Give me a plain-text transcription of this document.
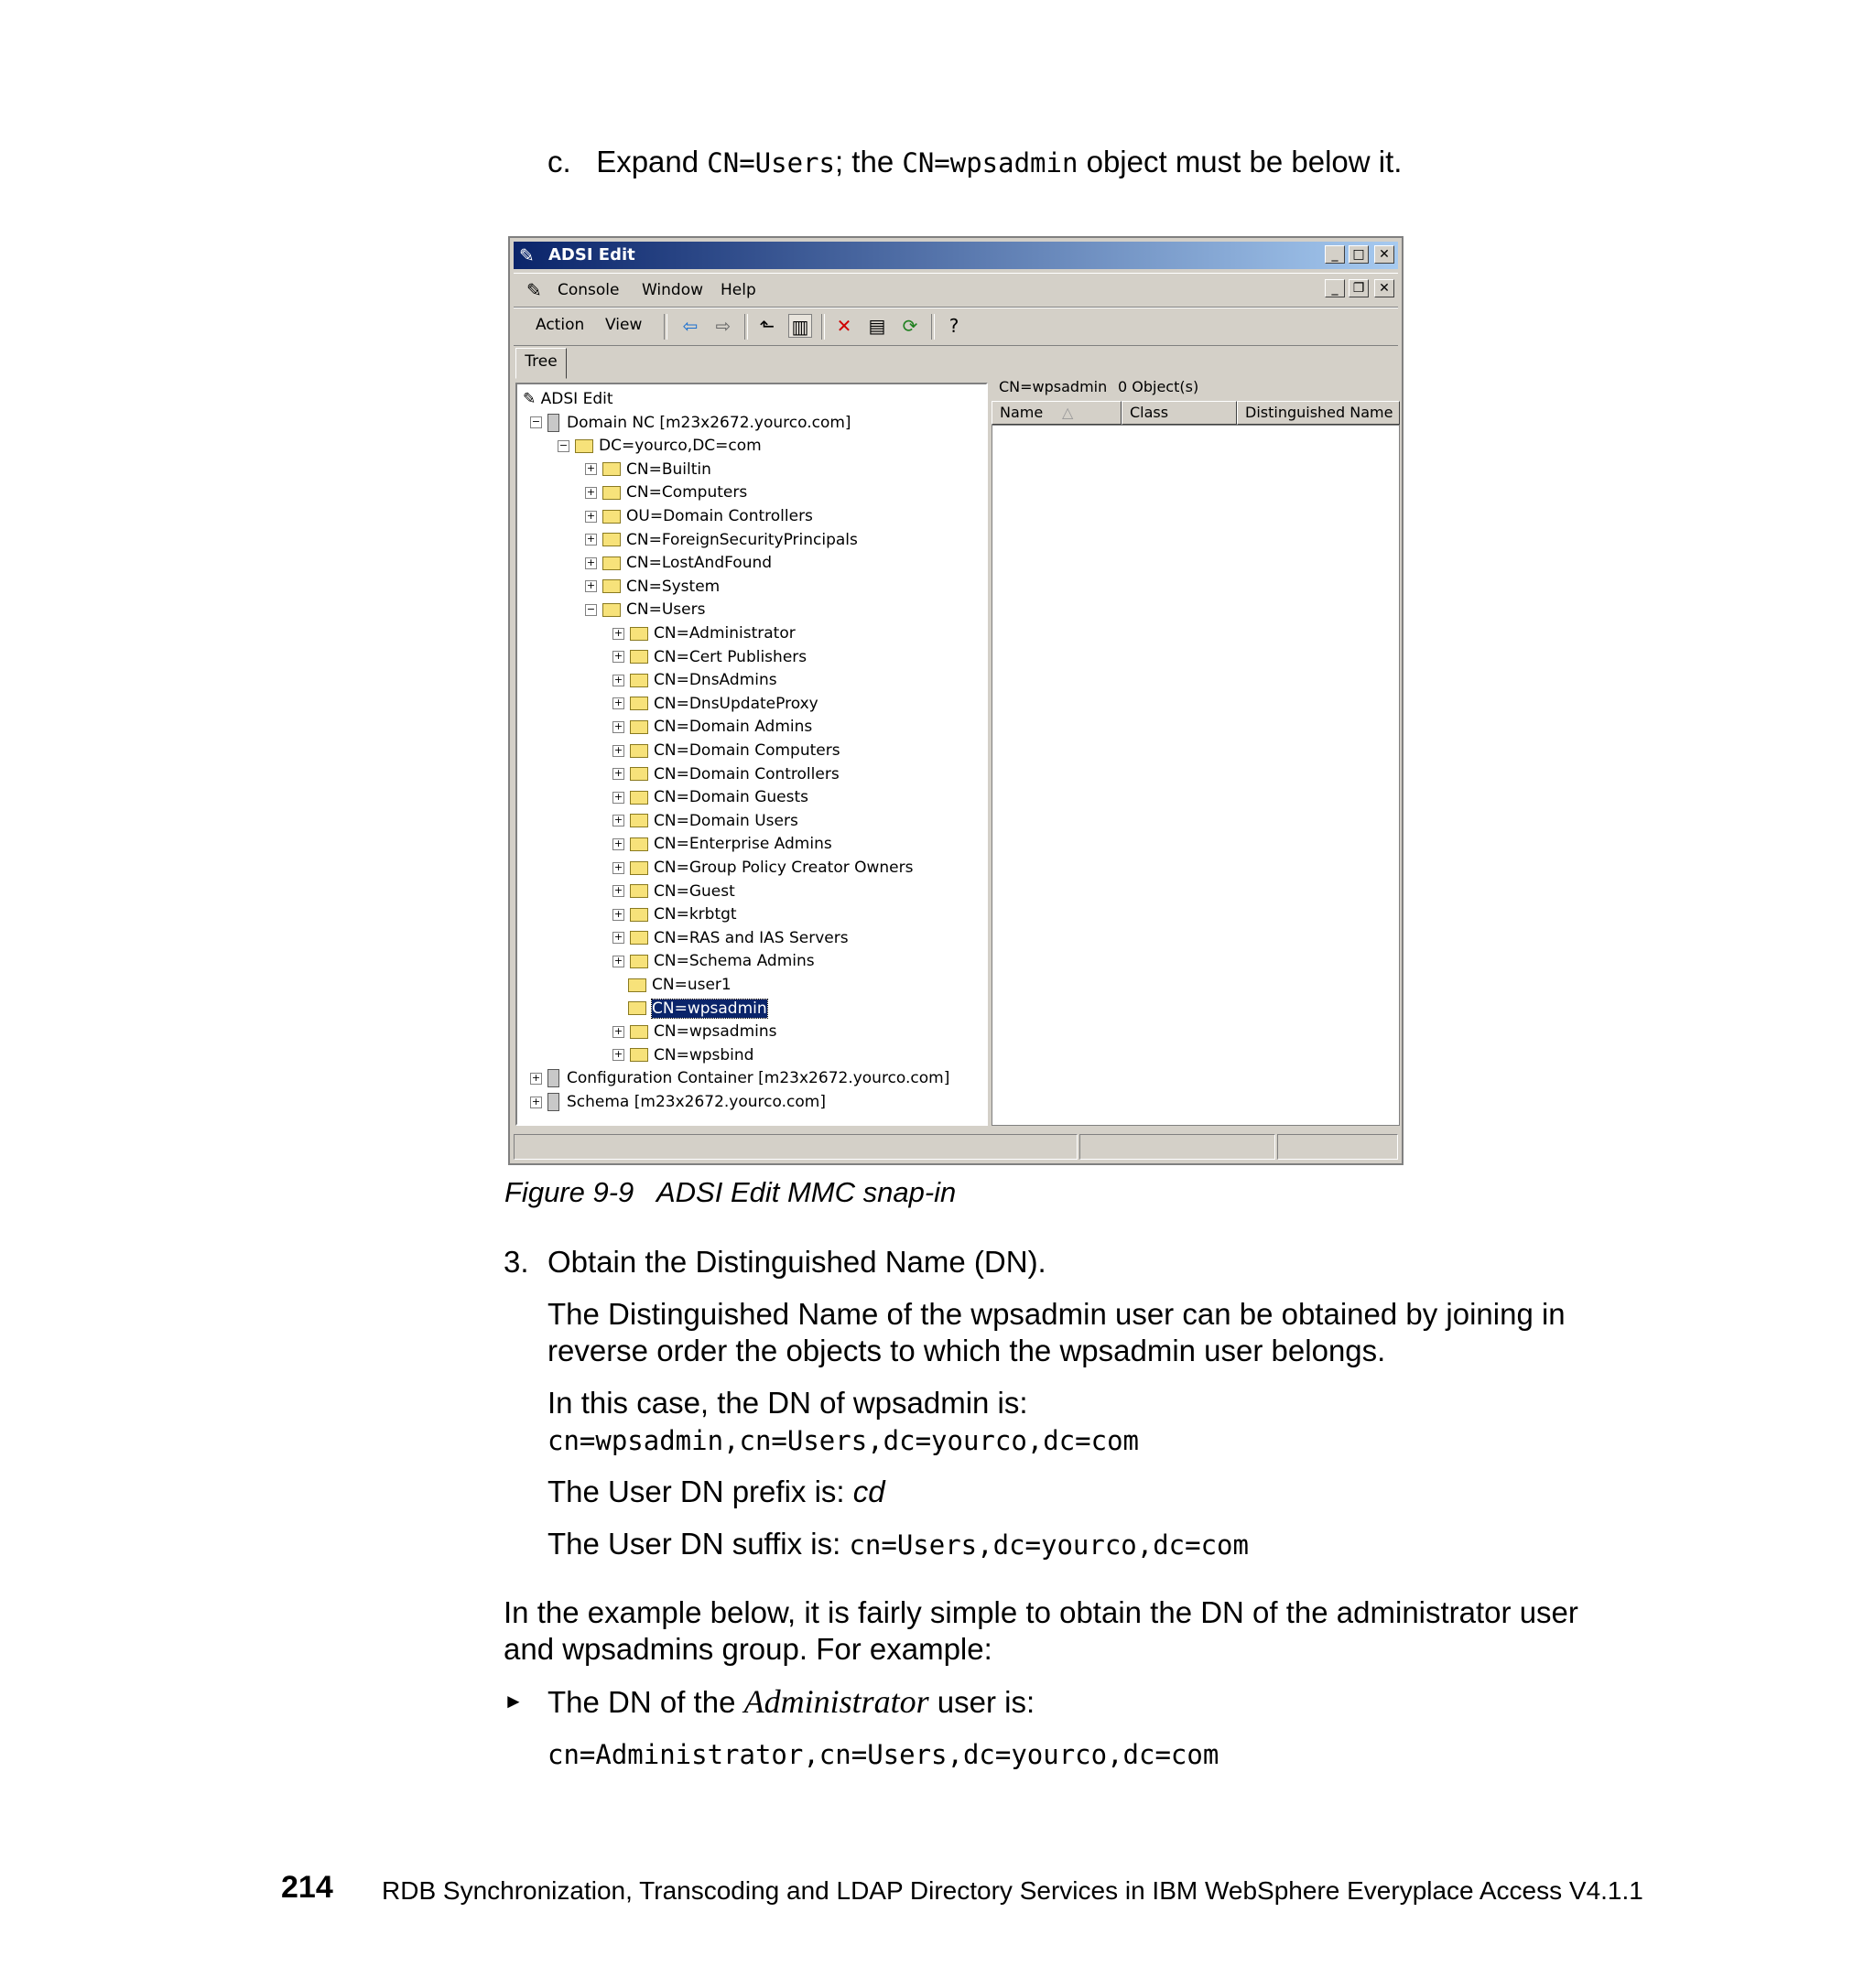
c. Expand CN=Users; the CN=wpsadmin object must be below it.
✎ ADSI Edit	_	□	✕
✎ Console Window Help	_	❐	✕
Action View ⇦ ⇨ ⬑ ▥ ✕ ▤ ⟳	?
Tree
✎ ADSI Edit
− Domain NC [m23x2672.yourco.com]
− DC=yourco,DC=com
+ CN=Builtin
+ CN=Computers
+ OU=Domain Controllers
+ CN=ForeignSecurityPrincipals
+ CN=LostAndFound
+ CN=System
− CN=Users
+ CN=Administrator
+ CN=Cert Publishers
+ CN=DnsAdmins
+ CN=DnsUpdateProxy
+ CN=Domain Admins
+ CN=Domain Computers
+ CN=Domain Controllers
+ CN=Domain Guests
+ CN=Domain Users
+ CN=Enterprise Admins
+ CN=Group Policy Creator Owners
+ CN=Guest
+ CN=krbtgt
+ CN=RAS and IAS Servers
+ CN=Schema Admins
CN=user1
CN=wpsadmin
+ CN=wpsadmins
+ CN=wpsbind
+ Configuration Container [m23x2672.yourco.com]
+ Schema [m23x2672.yourco.com]
CN=wpsadmin 0 Object(s)
Name △	Class	Distinguished Name
Figure 9-9   ADSI Edit MMC snap-in
3. Obtain the Distinguished Name (DN).
The Distinguished Name of the wpsadmin user can be obtained by joining in
reverse order the objects to which the wpsadmin user belongs.
In this case, the DN of wpsadmin is:
cn=wpsadmin,cn=Users,dc=yourco,dc=com
The User DN prefix is: cd
The User DN suffix is: cn=Users,dc=yourco,dc=com
In the example below, it is fairly simple to obtain the DN of the administrator user
and wpsadmins group. For example:
► The DN of the Administrator user is:
cn=Administrator,cn=Users,dc=yourco,dc=com
214 RDB Synchronization, Transcoding and LDAP Directory Services in IBM WebSphere Everyplace Access V4.1.1
